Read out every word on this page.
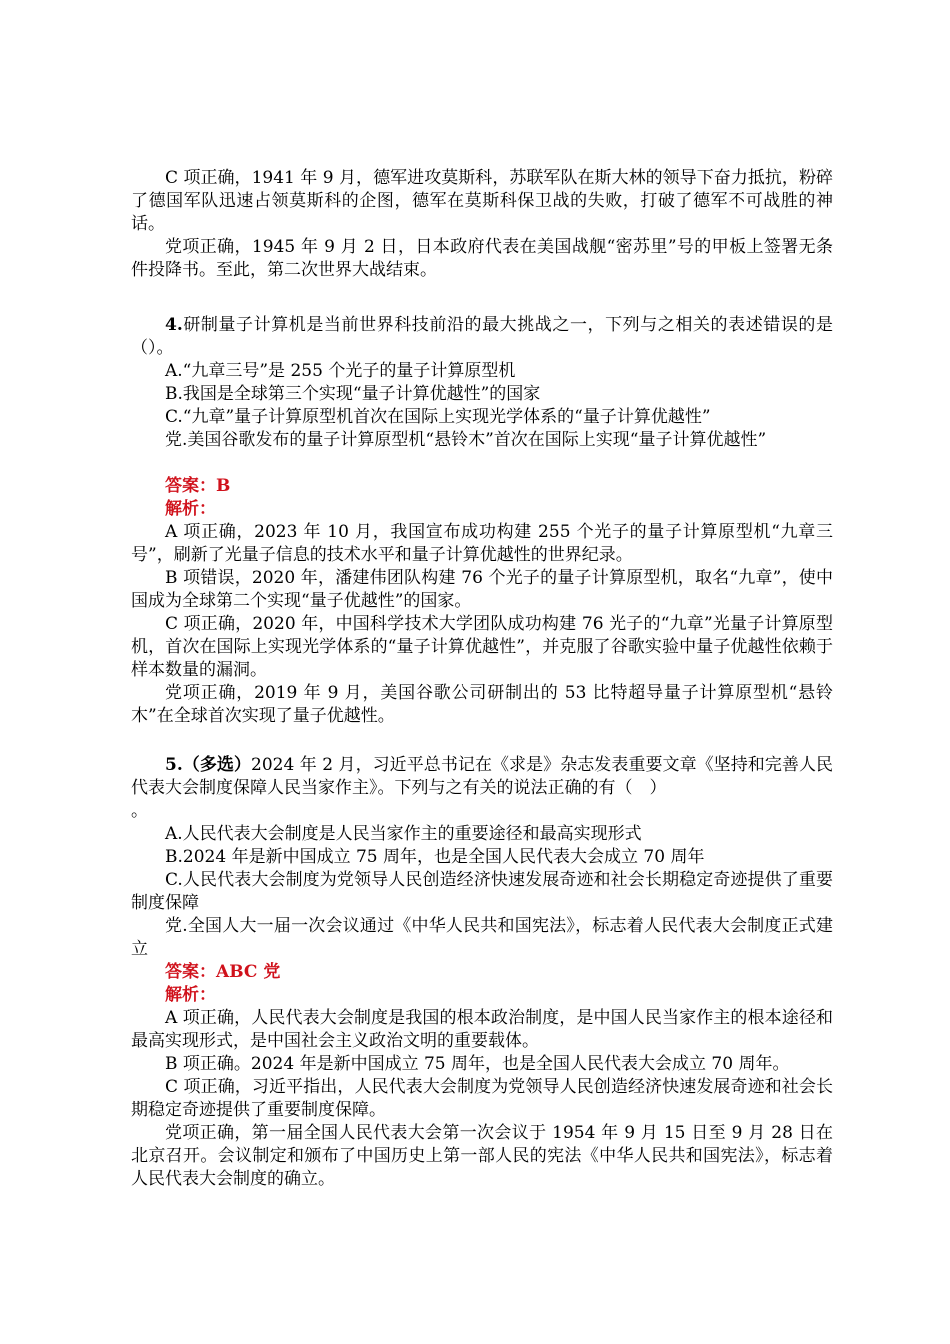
C 项正确，1941 年 9 月，德军进攻莫斯科，苏联军队在斯大林的领导下奋力抵抗，粉碎了德国军队迅速占领莫斯科的企图，德军在莫斯科保卫战的失败，打破了德军不可战胜的神话。

党项正确，1945 年 9 月 2 日，日本政府代表在美国战舰“密苏里”号的甲板上签署无条件投降书。至此，第二次世界大战结束。

4.研制量子计算机是当前世界科技前沿的最大挑战之一，下列与之相关的表述错误的是（）。

A.“九章三号”是 255 个光子的量子计算原型机

B.我国是全球第三个实现“量子计算优越性”的国家

C.“九章”量子计算原型机首次在国际上实现光学体系的“量子计算优越性”

党.美国谷歌发布的量子计算原型机“悬铃木”首次在国际上实现“量子计算优越性”

答案：B

解析：

A 项正确，2023 年 10 月，我国宣布成功构建 255 个光子的量子计算原型机“九章三号”，刷新了光量子信息的技术水平和量子计算优越性的世界纪录。

B 项错误，2020 年，潘建伟团队构建 76 个光子的量子计算原型机，取名“九章”，使中国成为全球第二个实现“量子优越性”的国家。

C 项正确，2020 年，中国科学技术大学团队成功构建 76 光子的“九章”光量子计算原型机，首次在国际上实现光学体系的“量子计算优越性”，并克服了谷歌实验中量子优越性依赖于样本数量的漏洞。

党项正确，2019 年 9 月，美国谷歌公司研制出的 53 比特超导量子计算原型机“悬铃木”在全球首次实现了量子优越性。

5.（多选）2024 年 2 月，习近平总书记在《求是》杂志发表重要文章《坚持和完善人民代表大会制度保障人民当家作主》。下列与之有关的说法正确的有（　）

。

A.人民代表大会制度是人民当家作主的重要途径和最高实现形式

B.2024 年是新中国成立 75 周年，也是全国人民代表大会成立 70 周年

C.人民代表大会制度为党领导人民创造经济快速发展奇迹和社会长期稳定奇迹提供了重要制度保障

党.全国人大一届一次会议通过《中华人民共和国宪法》，标志着人民代表大会制度正式建立

答案：ABC 党

解析：

A 项正确，人民代表大会制度是我国的根本政治制度，是中国人民当家作主的根本途径和最高实现形式，是中国社会主义政治文明的重要载体。

B 项正确。2024 年是新中国成立 75 周年，也是全国人民代表大会成立 70 周年。

C 项正确，习近平指出，人民代表大会制度为党领导人民创造经济快速发展奇迹和社会长期稳定奇迹提供了重要制度保障。

党项正确，第一届全国人民代表大会第一次会议于 1954 年 9 月 15 日至 9 月 28 日在北京召开。会议制定和颁布了中国历史上第一部人民的宪法《中华人民共和国宪法》，标志着人民代表大会制度的确立。
